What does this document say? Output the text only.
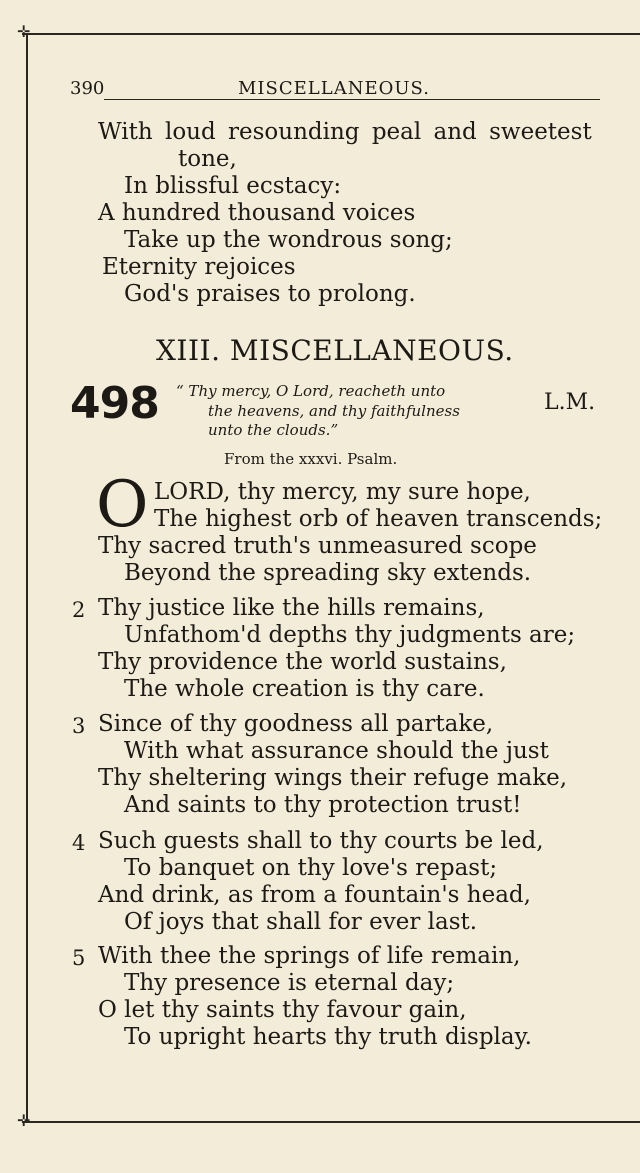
✛
✛
390	MISCELLANEOUS.
With loud resounding peal and sweetest
tone,
In blissful ecstacy:
A hundred thousand voices
Take up the wondrous song;
Eternity rejoices
God's praises to prolong.
XIII. MISCELLANEOUS.
498 “ Thy mercy, O Lord, reacheth unto
the heavens, and thy faithfulness
unto the clouds.”
L.M.
From the xxxvi. Psalm.
O LORD, thy mercy, my sure hope,
The highest orb of heaven transcends;
Thy sacred truth's unmeasured scope
Beyond the spreading sky extends.
2 Thy justice like the hills remains,
Unfathom'd depths thy judgments are;
Thy providence the world sustains,
The whole creation is thy care.
3 Since of thy goodness all partake,
With what assurance should the just
Thy sheltering wings their refuge make,
And saints to thy protection trust!
4 Such guests shall to thy courts be led,
To banquet on thy love's repast;
And drink, as from a fountain's head,
Of joys that shall for ever last.
5 With thee the springs of life remain,
Thy presence is eternal day;
O let thy saints thy favour gain,
To upright hearts thy truth display.
